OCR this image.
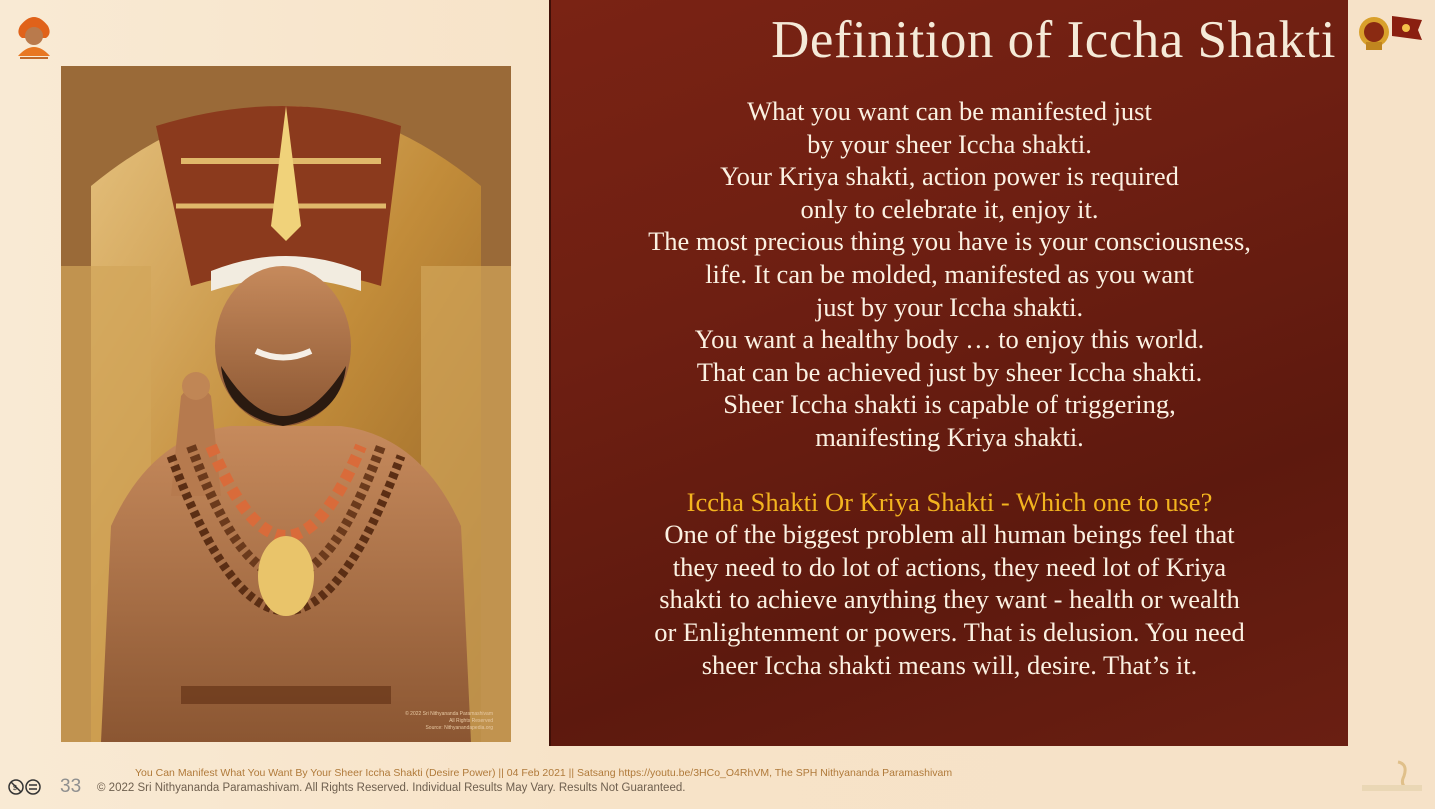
© 2022 Sri Nithyananda Paramashivam
All Rights Reserved
Source: Nithyanandapedia.org
Definition of Iccha Shakti
What you want can be manifested just
by your sheer Iccha shakti.
Your Kriya shakti, action power is required
only to celebrate it, enjoy it.
The most precious thing you have is your consciousness,
life. It can be molded, manifested as you want
just by your Iccha shakti.
You want a healthy body … to enjoy this world.
That can be achieved just by sheer Iccha shakti.
Sheer Iccha shakti is capable of triggering,
manifesting Kriya shakti.
Iccha Shakti Or Kriya Shakti - Which one to use?
One of the biggest problem all human beings feel that
they need to do lot of actions, they need lot of Kriya
shakti to achieve anything they want - health or wealth
or Enlightenment or powers. That is delusion. You need
sheer Iccha shakti means will, desire. That’s it.
You Can Manifest What You Want By Your Sheer Iccha Shakti (Desire Power) || 04 Feb 2021 || Satsang https://youtu.be/3HCo_O4RhVM, The SPH Nithyananda Paramashivam
$ 33 © 2022 Sri Nithyananda Paramashivam. All Rights Reserved. Individual Results May Vary. Results Not Guaranteed.
